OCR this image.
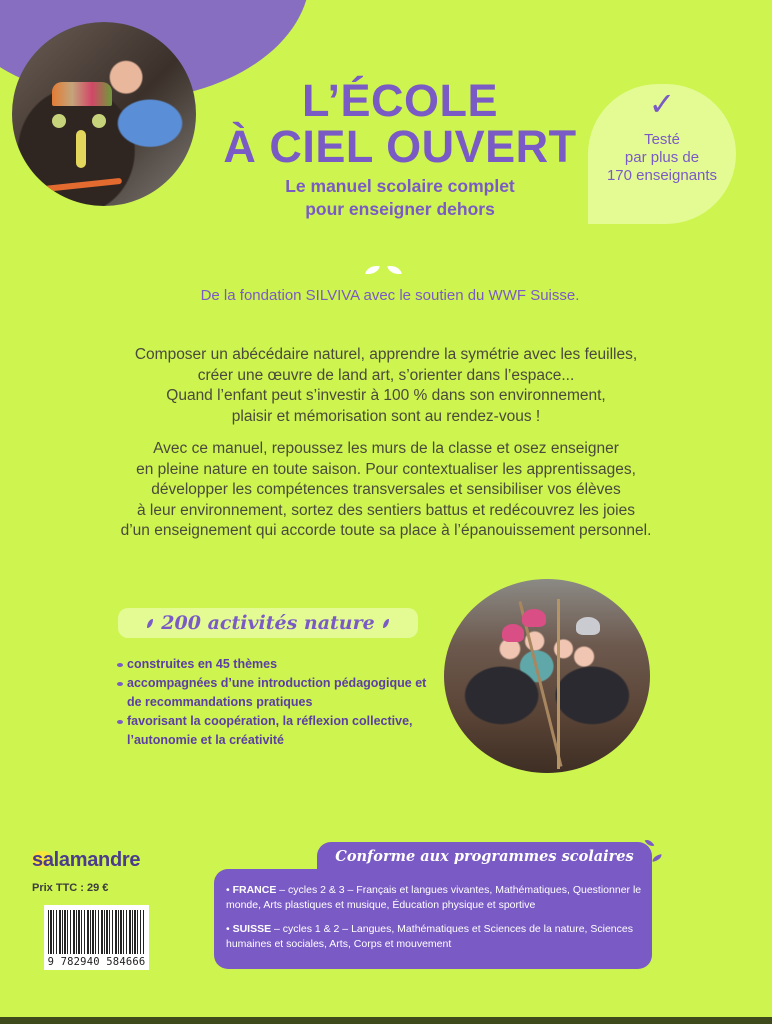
L’ÉCOLE
À CIEL OUVERT
Le manuel scolaire complet
pour enseigner dehors
✓
Testé
par plus de
170 enseignants
De la fondation SILVIVA avec le soutien du WWF Suisse.
Composer un abécédaire naturel, apprendre la symétrie avec les feuilles,
créer une œuvre de land art, s’orienter dans l’espace...
Quand l’enfant peut s’investir à 100 % dans son environnement,
plaisir et mémorisation sont au rendez-vous !
Avec ce manuel, repoussez les murs de la classe et osez enseigner
en pleine nature en toute saison. Pour contextualiser les apprentissages,
développer les compétences transversales et sensibiliser vos élèves
à leur environnement, sortez des sentiers battus et redécouvrez les joies
d’un enseignement qui accorde toute sa place à l’épanouissement personnel.
200 activités nature
construites en 45 thèmes
accompagnées d’une introduction pédagogique et de recommandations pratiques
favorisant la coopération, la réflexion collective, l’autonomie et la créativité
salamandre
Prix TTC : 29 €
9 782940 584666
Conforme aux programmes scolaires
• FRANCE – cycles 2 & 3 – Français et langues vivantes, Mathématiques, Questionner le monde, Arts plastiques et musique, Éducation physique et sportive
• SUISSE – cycles 1 & 2 – Langues, Mathématiques et Sciences de la nature, Sciences humaines et sociales, Arts, Corps et mouvement
